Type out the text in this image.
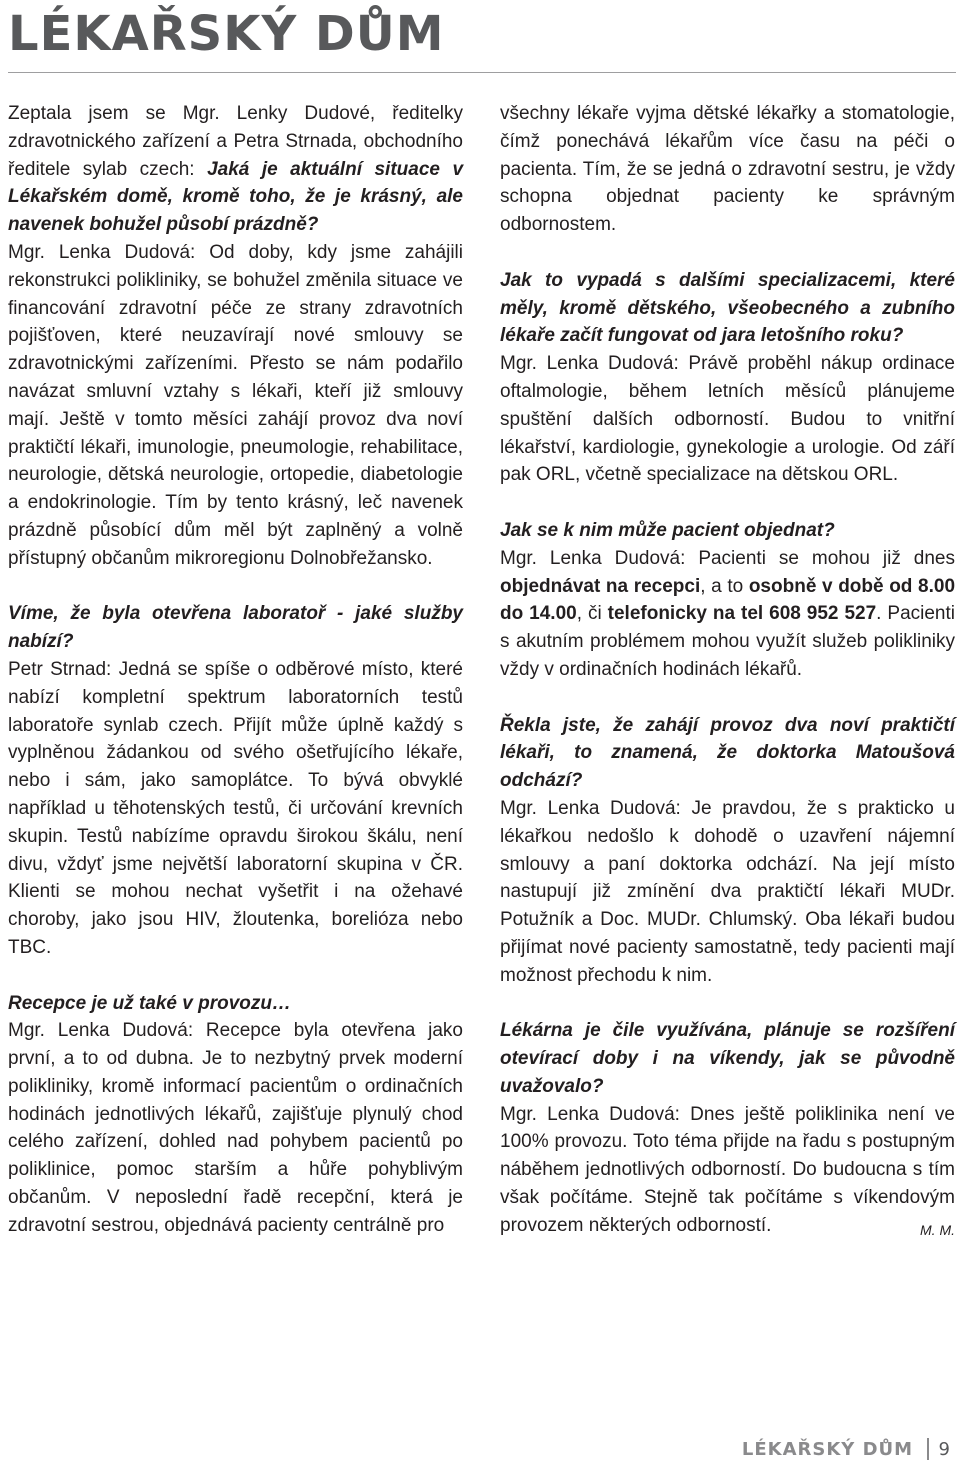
LÉKAŘSKÝ DŮM

Zeptala jsem se Mgr. Lenky Dudové, ředitelky zdravotnického zařízení a Petra Strnada, obchodního ředitele sylab czech: Jaká je aktuální situace v Lékařském domě, kromě toho, že je krásný, ale navenek bohužel působí prázdně?

Mgr. Lenka Dudová: Od doby, kdy jsme zahájili rekonstrukci polikliniky, se bohužel změnila situace ve financování zdravotní péče ze strany zdravotních pojišťoven, které neuzavírají nové smlouvy se zdravotnickými zařízeními. Přesto se nám podařilo navázat smluvní vztahy s lékaři, kteří již smlouvy mají. Ještě v tomto měsíci zahájí provoz dva noví praktičtí lékaři, imunologie, pneumologie, rehabilitace, neurologie, dětská neurologie, ortopedie, diabetologie a endokrinologie. Tím by tento krásný, leč navenek prázdně působící dům měl být zaplněný a volně přístupný občanům mikroregionu Dolnobřežansko.

Víme, že byla otevřena laboratoř - jaké služby nabízí?

Petr Strnad: Jedná se spíše o odběrové místo, které nabízí kompletní spektrum laboratorních testů laboratoře synlab czech. Přijít může úplně každý s vyplněnou žádankou od svého ošetřujícího lékaře, nebo i sám, jako samoplátce. To bývá obvyklé například u těhotenských testů, či určování krevních skupin. Testů nabízíme opravdu širokou škálu, není divu, vždyť jsme největší laboratorní skupina v ČR. Klienti se mohou nechat vyšetřit i na ožehavé choroby, jako jsou HIV, žloutenka, borelióza nebo TBC.

Recepce je už také v provozu…

Mgr. Lenka Dudová: Recepce byla otevřena jako první, a to od dubna. Je to nezbytný prvek moderní polikliniky, kromě informací pacientům o ordinačních hodinách jednotlivých lékařů, zajišťuje plynulý chod celého zařízení, dohled nad pohybem pacientů po poliklinice, pomoc starším a hůře pohyblivým občanům. V neposlední řadě recepční, která je zdravotní sestrou, objednává pacienty centrálně pro

všechny lékaře vyjma dětské lékařky a stomatologie, čímž ponechává lékařům více času na péči o pacienta. Tím, že se jedná o zdravotní sestru, je vždy schopna objednat pacienty ke správným odbornostem.

Jak to vypadá s dalšími specializacemi, které měly, kromě dětského, všeobecného a zubního lékaře začít fungovat od jara letošního roku?

Mgr. Lenka Dudová: Právě proběhl nákup ordinace oftalmologie, během letních měsíců plánujeme spuštění dalších odborností. Budou to vnitřní lékařství, kardiologie, gynekologie a urologie. Od září pak ORL, včetně specializace na dětskou ORL.

Jak se k nim může pacient objednat?

Mgr. Lenka Dudová: Pacienti se mohou již dnes objednávat na recepci, a to osobně v době od 8.00 do 14.00, či telefonicky na tel 608 952 527. Pacienti s akutním problémem mohou využít služeb polikliniky vždy v ordinačních hodinách lékařů.

Řekla jste, že zahájí provoz dva noví praktičtí lékaři, to znamená, že doktorka Matoušová odchází?

Mgr. Lenka Dudová: Je pravdou, že s prakticko u lékařkou nedošlo k dohodě o uzavření nájemní smlouvy a paní doktorka odchází. Na její místo nastupují již zmínění dva praktičtí lékaři MUDr. Potužník a Doc. MUDr. Chlumský. Oba lékaři budou přijímat nové pacienty samostatně, tedy pacienti mají možnost přechodu k nim.

Lékárna je čile využívána, plánuje se rozšíření otevírací doby i na víkendy, jak se původně uvažovalo?

Mgr. Lenka Dudová: Dnes ještě poliklinika není ve 100% provozu. Toto téma přijde na řadu s postupným náběhem jednotlivých odborností. Do budoucna s tím však počítáme. Stejně tak počítáme s víkendovým provozem některých odborností.	M. M.

LÉKAŘSKÝ DŮM 9
